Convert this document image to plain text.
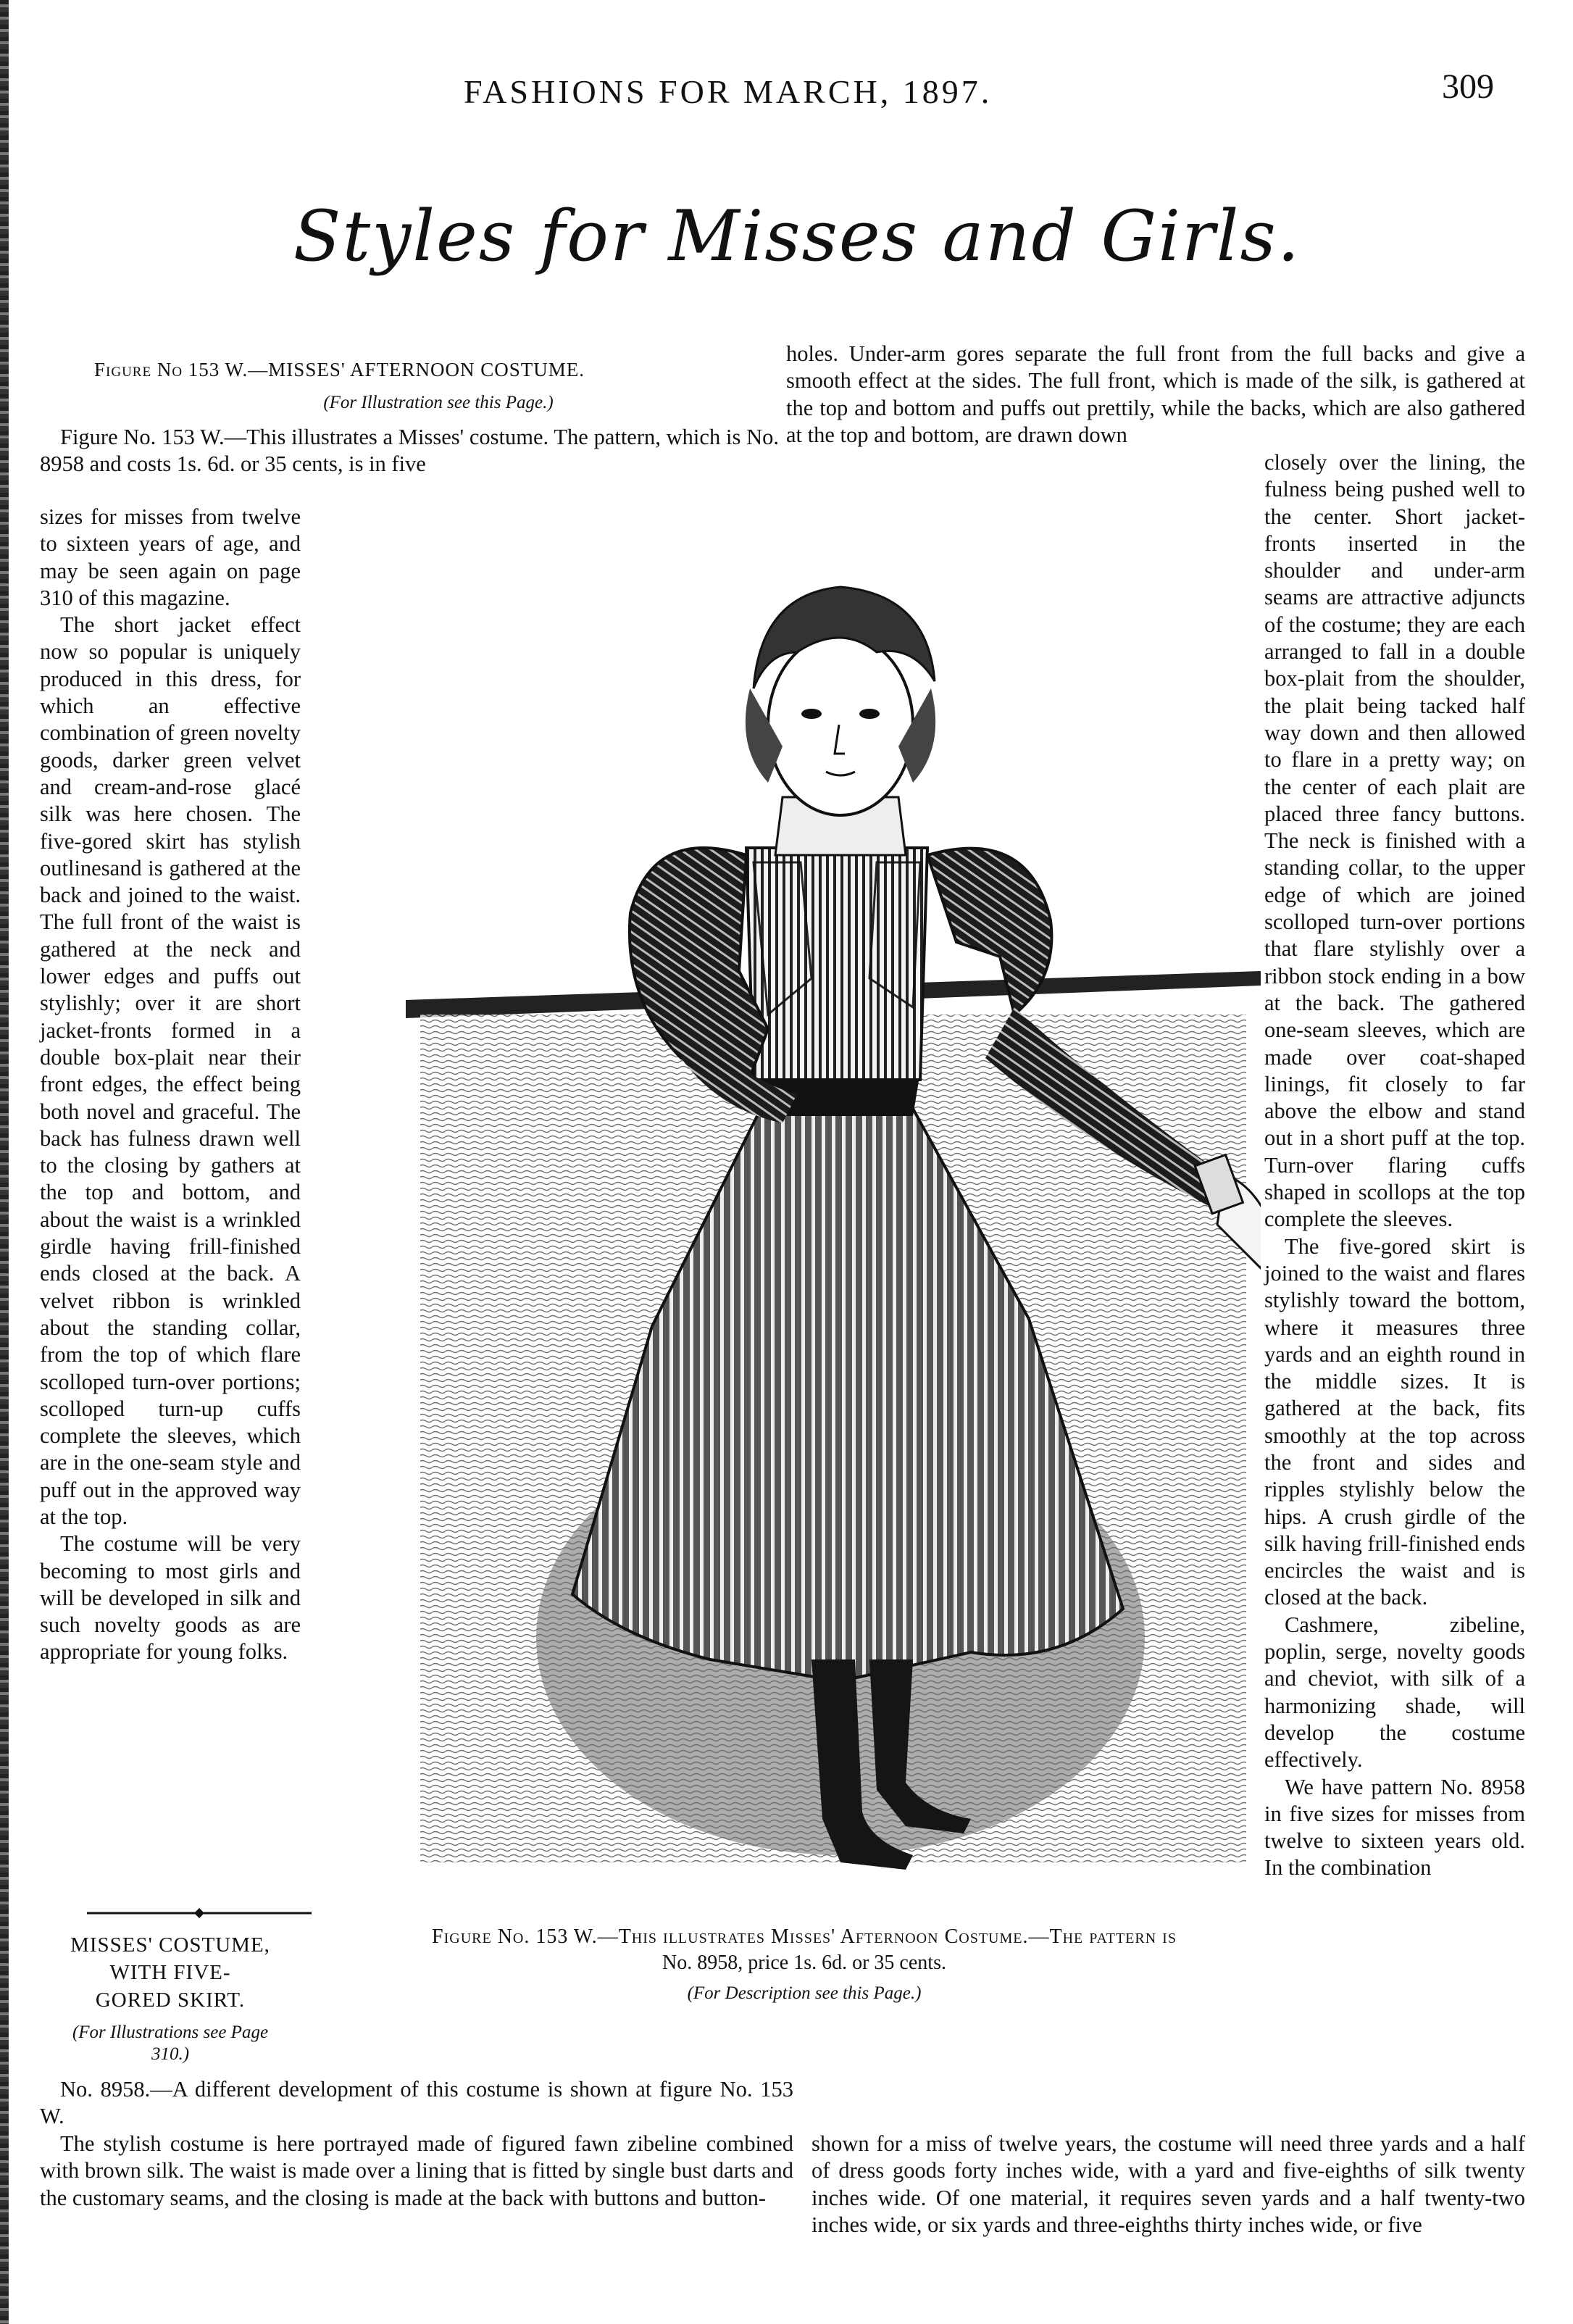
FASHIONS FOR MARCH, 1897.	309
Styles for Misses and Girls.
Figure No 153 W.—MISSES' AFTERNOON COSTUME.
(For Illustration see this Page.)
Figure No. 153 W.—This illustrates a Misses' costume. The pattern, which is No. 8958 and costs 1s. 6d. or 35 cents, is in five

sizes for misses from twelve to sixteen years of age, and may be seen again on page 310 of this magazine.

The short jacket effect now so popular is uniquely produced in this dress, for which an effective combination of green novelty goods, darker green velvet and cream-and-rose glacé silk was here chosen. The five-gored skirt has stylish outlinesand is gathered at the back and joined to the waist. The full front of the waist is gathered at the neck and lower edges and puffs out stylishly; over it are short jacket-fronts formed in a double box-plait near their front edges, the effect being both novel and graceful. The back has fulness drawn well to the closing by gathers at the top and bottom, and about the waist is a wrinkled girdle having frill-finished ends closed at the back. A velvet ribbon is wrinkled about the standing collar, from the top of which flare scolloped turn-over portions; scolloped turn-up cuffs complete the sleeves, which are in the one-seam style and puff out in the approved way at the top.

The costume will be very becoming to most girls and will be developed in silk and such novelty goods as are appropriate for young folks.

MISSES' COSTUME,
WITH FIVE-
GORED SKIRT.
(For Illustrations see Page 310.)
No. 8958.—A different development of this costume is shown at figure No. 153 W.
The stylish costume is here portrayed made of figured fawn zibeline combined with brown silk. The waist is made over a lining that is fitted by single bust darts and the customary seams, and the closing is made at the back with buttons and button-
holes. Under-arm gores separate the full front from the full backs and give a smooth effect at the sides. The full front, which is made of the silk, is gathered at the top and bottom and puffs out prettily, while the backs, which are also gathered at the top and bottom, are drawn down

closely over the lining, the fulness being pushed well to the center. Short jacket-fronts inserted in the shoulder and under-arm seams are attractive adjuncts of the costume; they are each arranged to fall in a double box-plait from the shoulder, the plait being tacked half way down and then allowed to flare in a pretty way; on the center of each plait are placed three fancy buttons. The neck is finished with a standing collar, to the upper edge of which are joined scolloped turn-over portions that flare stylishly over a ribbon stock ending in a bow at the back. The gathered one-seam sleeves, which are made over coat-shaped linings, fit closely to far above the elbow and stand out in a short puff at the top. Turn-over flaring cuffs shaped in scollops at the top complete the sleeves.

The five-gored skirt is joined to the waist and flares stylishly toward the bottom, where it measures three yards and an eighth round in the middle sizes. It is gathered at the back, fits smoothly at the top across the front and sides and ripples stylishly below the hips. A crush girdle of the silk having frill-finished ends encircles the waist and is closed at the back.

Cashmere, zibeline, poplin, serge, novelty goods and cheviot, with silk of a harmonizing shade, will develop the costume effectively.

We have pattern No. 8958 in five sizes for misses from twelve to sixteen years old. In the combination

shown for a miss of twelve years, the costume will need three yards and a half of dress goods forty inches wide, with a yard and five-eighths of silk twenty inches wide. Of one material, it requires seven yards and a half twenty-two inches wide, or six yards and three-eighths thirty inches wide, or five
Figure No. 153 W.—This illustrates Misses' Afternoon Costume.—The pattern is
No. 8958, price 1s. 6d. or 35 cents.
(For Description see this Page.)
